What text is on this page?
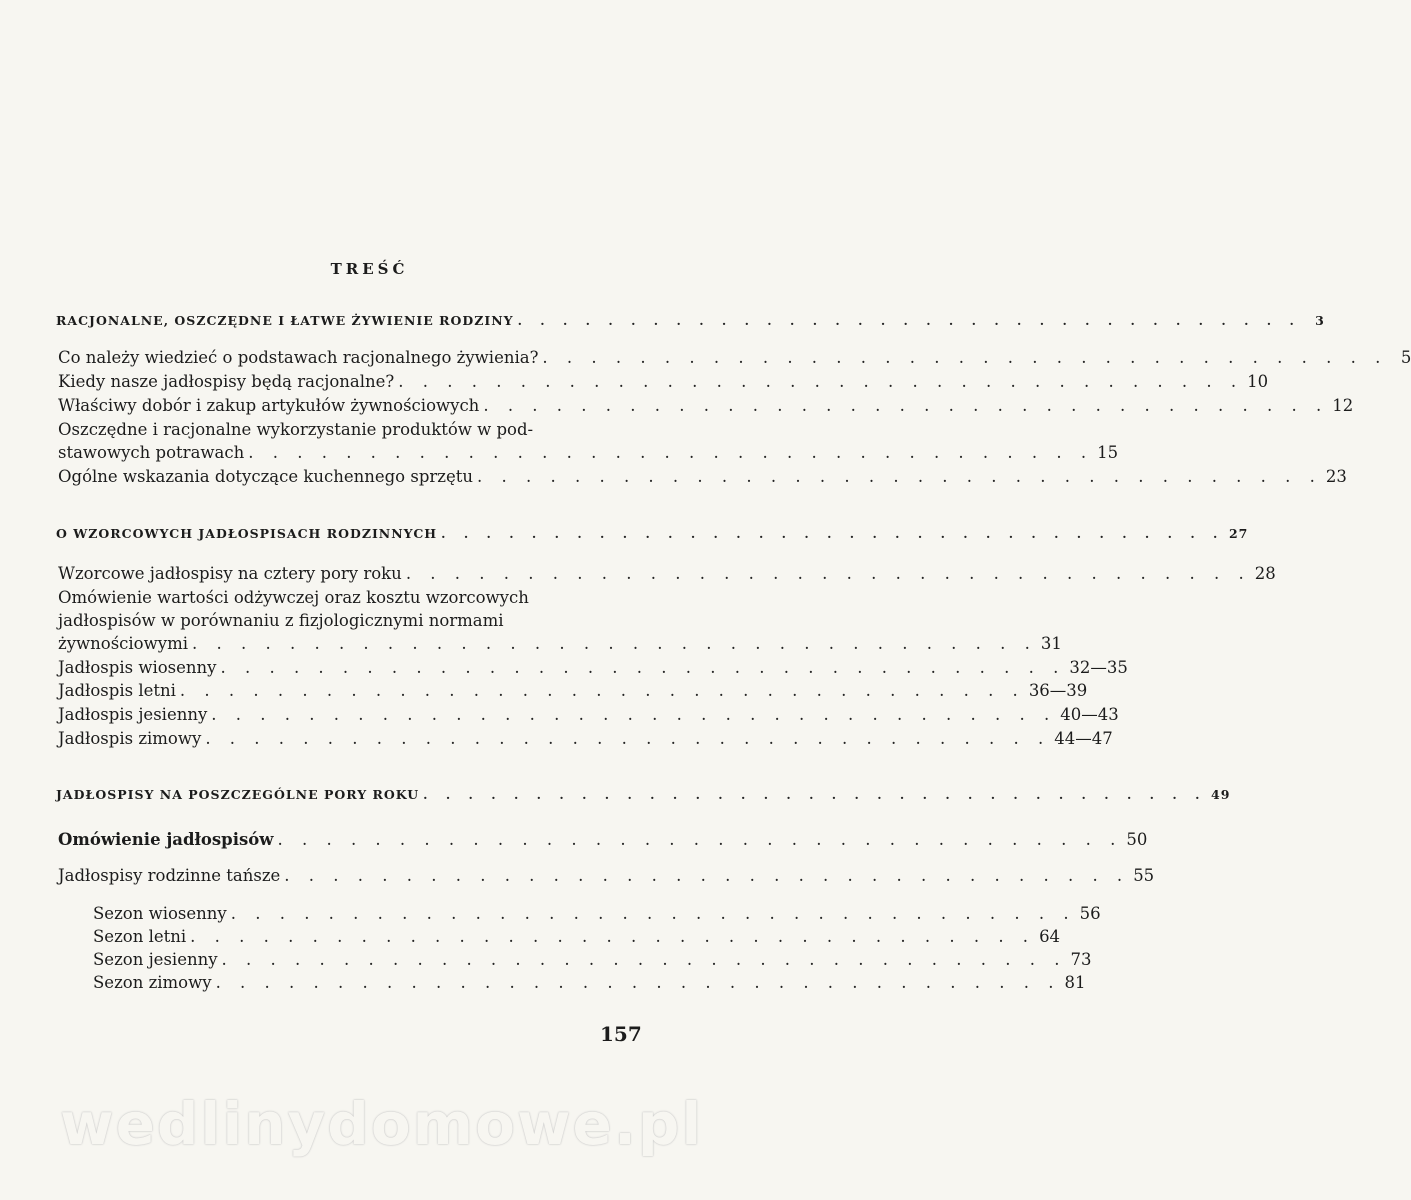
TREŚĆ
RACJONALNE, OSZCZĘDNE I ŁATWE ŻYWIENIE RODZINY . . . . . . . . . . . . . . . . . . . . . . . . . . . . . . . . . . .	3
Co należy wiedzieć o podstawach racjonalnego żywienia? . . . . . . . . . . . . . . . . . . . . . . . . . . . . . . . . . . . 5
Kiedy nasze jadłospisy będą racjonalne? . . . . . . . . . . . . . . . . . . . . . . . . . . . . . . . . . . . 10
Właściwy dobór i zakup artykułów żywnościowych . . . . . . . . . . . . . . . . . . . . . . . . . . . . . . . . . . . 12
Oszczędne i racjonalne wykorzystanie produktów w pod-
stawowych potrawach . . . . . . . . . . . . . . . . . . . . . . . . . . . . . . . . . . . 15
Ogólne wskazania dotyczące kuchennego sprzętu . . . . . . . . . . . . . . . . . . . . . . . . . . . . . . . . . . . 23
O WZORCOWYCH JADŁOSPISACH RODZINNYCH . . . . . . . . . . . . . . . . . . . . . . . . . . . . . . . . . . . 27
Wzorcowe jadłospisy na cztery pory roku . . . . . . . . . . . . . . . . . . . . . . . . . . . . . . . . . . . 28
Omówienie wartości odżywczej oraz kosztu wzorcowych
jadłospisów w porównaniu z fizjologicznymi normami
żywnościowymi . . . . . . . . . . . . . . . . . . . . . . . . . . . . . . . . . . . 31
Jadłospis wiosenny . . . . . . . . . . . . . . . . . . . . . . . . . . . . . . . . . . . 32—35
Jadłospis letni . . . . . . . . . . . . . . . . . . . . . . . . . . . . . . . . . . . 36—39
Jadłospis jesienny . . . . . . . . . . . . . . . . . . . . . . . . . . . . . . . . . . . 40—43
Jadłospis zimowy . . . . . . . . . . . . . . . . . . . . . . . . . . . . . . . . . . . 44—47
JADŁOSPISY NA POSZCZEGÓLNE PORY ROKU . . . . . . . . . . . . . . . . . . . . . . . . . . . . . . . . . . . 49
Omówienie jadłospisów . . . . . . . . . . . . . . . . . . . . . . . . . . . . . . . . . . . 50
Jadłospisy rodzinne tańsze . . . . . . . . . . . . . . . . . . . . . . . . . . . . . . . . . . . 55
Sezon wiosenny . . . . . . . . . . . . . . . . . . . . . . . . . . . . . . . . . . . 56
Sezon letni . . . . . . . . . . . . . . . . . . . . . . . . . . . . . . . . . . . 64
Sezon jesienny . . . . . . . . . . . . . . . . . . . . . . . . . . . . . . . . . . . 73
Sezon zimowy . . . . . . . . . . . . . . . . . . . . . . . . . . . . . . . . . . . 81
157
wedlinydomowe.pl
